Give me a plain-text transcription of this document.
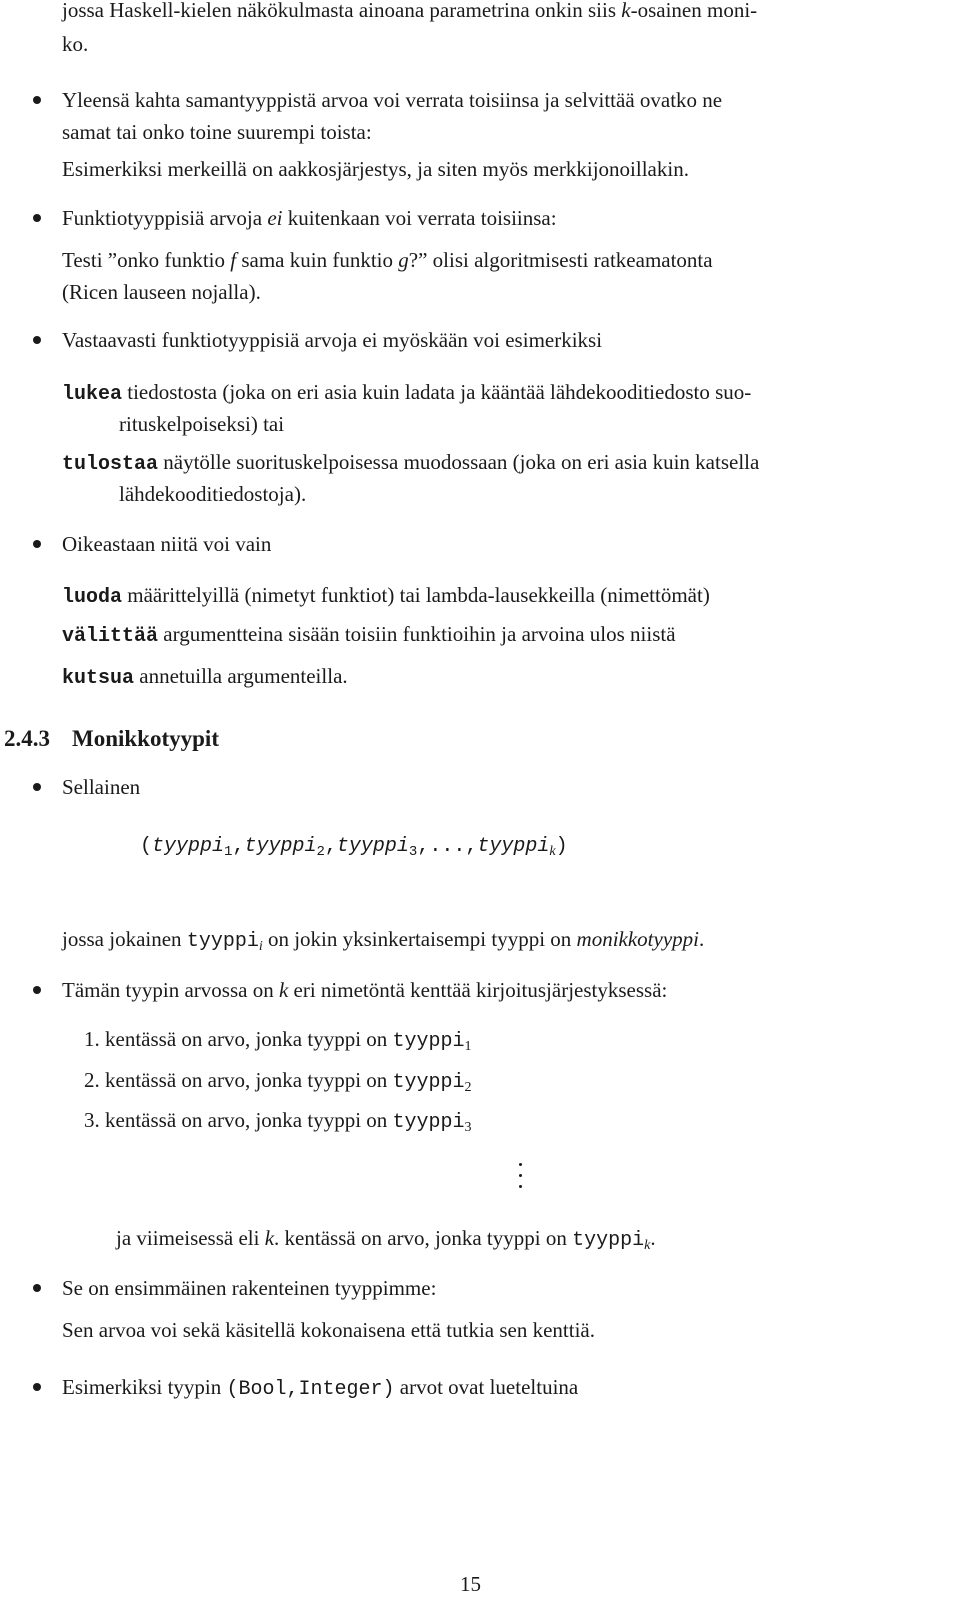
jossa Haskell-kielen näkökulmasta ainoana parametrina onkin siis k-osainen moni-
ko.
Yleensä kahta samantyyppistä arvoa voi verrata toisiinsa ja selvittää ovatko ne
samat tai onko toine suurempi toista:
Esimerkiksi merkeillä on aakkosjärjestys, ja siten myös merkkijonoillakin.
Funktiotyyppisiä arvoja ei kuitenkaan voi verrata toisiinsa:
Testi ”onko funktio f sama kuin funktio g?” olisi algoritmisesti ratkeamatonta
(Ricen lauseen nojalla).
Vastaavasti funktiotyyppisiä arvoja ei myöskään voi esimerkiksi
lukea tiedostosta (joka on eri asia kuin ladata ja kääntää lähdekooditiedosto suo-
rituskelpoiseksi) tai
tulostaa näytölle suorituskelpoisessa muodossaan (joka on eri asia kuin katsella
lähdekooditiedostoja).
Oikeastaan niitä voi vain
luoda määrittelyillä (nimetyt funktiot) tai lambda-lausekkeilla (nimettömät)
välittää argumentteina sisään toisiin funktioihin ja arvoina ulos niistä
kutsua annetuilla argumenteilla.
2.4.3 Monikkotyypit
Sellainen
(tyyppi$_1$,tyyppi$_2$,tyyppi$_3$,...,tyyppi$_k$)
jossa jokainen tyyppi$_i$ on jokin yksinkertaisempi tyyppi on monikkotyyppi.
Tämän tyypin arvossa on k eri nimetöntä kenttää kirjoitusjärjestyksessä:
1. kentässä on arvo, jonka tyyppi on tyyppi$_1$
2. kentässä on arvo, jonka tyyppi on tyyppi$_2$
3. kentässä on arvo, jonka tyyppi on tyyppi$_3$
ja viimeisessä eli k. kentässä on arvo, jonka tyyppi on tyyppi$_k$.
Se on ensimmäinen rakenteinen tyyppimme:
Sen arvoa voi sekä käsitellä kokonaisena että tutkia sen kenttiä.
Esimerkiksi tyypin (Bool,Integer) arvot ovat lueteltuina
15
